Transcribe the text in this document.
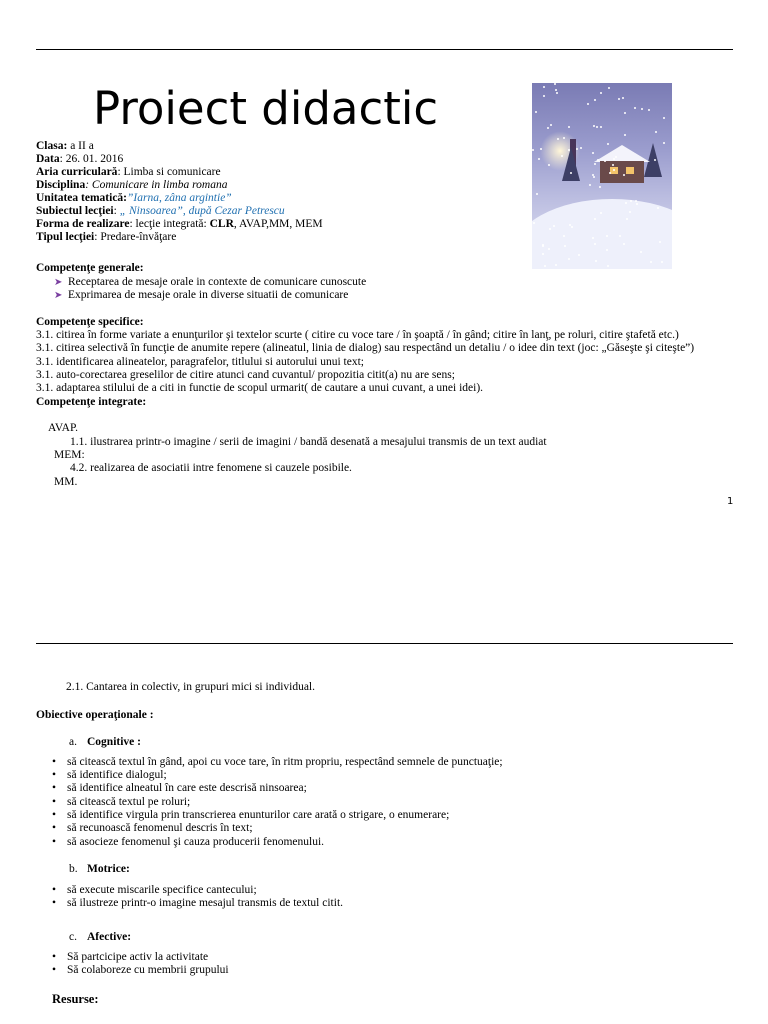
Proiect didactic
Clasa: a II a
Data: 26. 01. 2016
Aria curriculară: Limba si comunicare
Disciplina: Comunicare in limba romana
Unitatea tematică:”Iarna, zâna argintie”
Subiectul lecţiei: „ Ninsoarea”, după Cezar Petrescu
Forma de realizare: lecţie integrată: CLR, AVAP,MM, MEM
Tipul lecţiei: Predare-învăţare
Competenţe generale:
➤ Receptarea de mesaje orale in contexte de comunicare cunoscute
➤ Exprimarea de mesaje orale in diverse situatii de comunicare
Competenţe specifice:
3.1. citirea în forme variate a enunţurilor şi textelor scurte ( citire cu voce tare / în şoaptă / în gând; citire în lanţ, pe roluri, citire ştafetă etc.)
3.1. citirea selectivă în funcţie de anumite repere (alineatul, linia de dialog) sau respectând un detaliu / o idee din text (joc: „Găseşte şi citeşte”)
3.1. identificarea alineatelor, paragrafelor, titlului si autorului unui text;
3.1. auto-corectarea greselilor de citire atunci cand cuvantul/ propozitia citit(a) nu are sens;
3.1. adaptarea stilului de a citi in functie de scopul urmarit( de cautare a unui cuvant, a unei idei).
Competenţe integrate:
AVAP.
1.1. ilustrarea printr-o imagine / serii de imagini / bandă desenată a mesajului transmis de un text audiat
MEM:
4.2. realizarea de asociatii intre fenomene si cauzele posibile.
MM.
1
2.1. Cantarea in colectiv, in grupuri mici si individual.
Obiective operaţionale :
a. Cognitive :
• să citească textul în gând, apoi cu voce tare, în ritm propriu, respectând semnele de punctuaţie;
• să identifice dialogul;
• să identifice alneatul în care este descrisă ninsoarea;
• să citească textul pe roluri;
• să identifice virgula prin transcrierea enunturilor care arată o strigare, o enumerare;
• să recunoască fenomenul descris în text;
• să asocieze fenomenul şi cauza producerii fenomenului.
b. Motrice:
• să execute miscarile specifice cantecului;
• să ilustreze printr-o imagine mesajul transmis de textul citit.
c. Afective:
• Să partcicipe activ la activitate
• Să colaboreze cu membrii grupului
Resurse:
